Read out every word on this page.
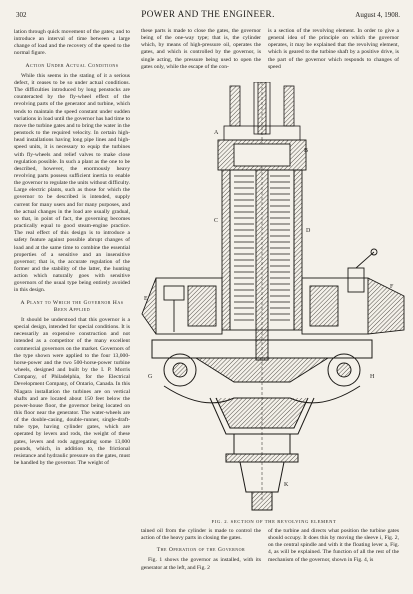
302	POWER AND THE ENGINEER.	August 4, 1908.

lation through quick movement of the gates; and to introduce an interval of time between a large change of load and the recovery of the speed to the normal figure.

Action Under Actual Conditions

While this seems in the stating of it a serious defect, it ceases to be so under actual conditions. The difficulties introduced by long penstocks are counteracted by the fly-wheel effect of the revolving parts of the generator and turbine, which tends to maintain the speed constant under sudden variations in load until the governor has had time to move the turbine gates and to bring the water in the penstock to the required velocity. In certain high-head installations having long pipe lines and high-speed units, it is necessary to equip the turbines with fly-wheels and relief valves to make close regulation possible. In such a plant as the one to be described, however, the enormously heavy revolving parts possess sufficient inertia to enable the governor to regulate the units without difficulty. Large electric plants, such as those for which the governor to be described is intended, supply current for many users and for many purposes, and the actual changes in the load are usually gradual, so that, in point of fact, the governing becomes practically equal to good steam-engine practice. The real effect of this design is to introduce a safety feature against possible abrupt changes of load and at the same time to combine the essential properties of a sensitive and an insensitive governor; that is, the accurate regulation of the former and the stability of the latter, the hunting action which naturally goes with sensitive governors of the usual type being entirely avoided in this design.

A Plant to Which the Governor Has Been Applied

It should be understood that this governor is a special design, intended for special conditions. It is necessarily an expensive construction and not intended as a competitor of the many excellent commercial governors on the market. Governors of the type shown were applied to the four 13,000-horse-power and the two 500-horse-power turbine wheels, designed and built by the I. P. Morris Company, of Philadelphia, for the Electrical Development Company, of Ontario, Canada. In this Niagara installation the turbines are on vertical shafts and are located about 150 feet below the power-house floor, the governor being located on this floor near the generator. The water-wheels are of the double-casing, double-runner, single-draft-tube type, having cylinder gates, which are operated by levers and rods, the weight of these gates, levers and rods aggregating some 13,000 pounds, which, in addition to, the frictional resistance and hydraulic pressure on the gates, must be handled by the governor. The weight of

these parts is made to close the gates, the governor being of the one-way type; that is, the cylinder which, by means of high-pressure oil, operates the gates, and which is controlled by the governor, is single acting, the pressure being used to open the gates only, while the escape of the con-

is a section of the revolving element. In order to give a general idea of the principle on which the governor operates, it may be explained that the revolving element, which is geared to the turbine shaft by a positive drive, is the part of the governor which responds to changes of speed

A
B
C
D
E
F
G	H
K
FIG. 2. SECTION OF THE REVOLVING ELEMENT

tained oil from the cylinder is made to control the action of the heavy parts in closing the gates.

The Operation of the Governor

Fig. 1 shows the governor as installed, with its generator at the left, and Fig. 2

of the turbine and directs what position the turbine gates should occupy. It does this by moving the sleeve i, Fig. 2, on the central spindle and with it the floating lever a, Fig. 4, as will be explained. The function of all the rest of the mechanism of the governor, shown in Fig. 4, is
